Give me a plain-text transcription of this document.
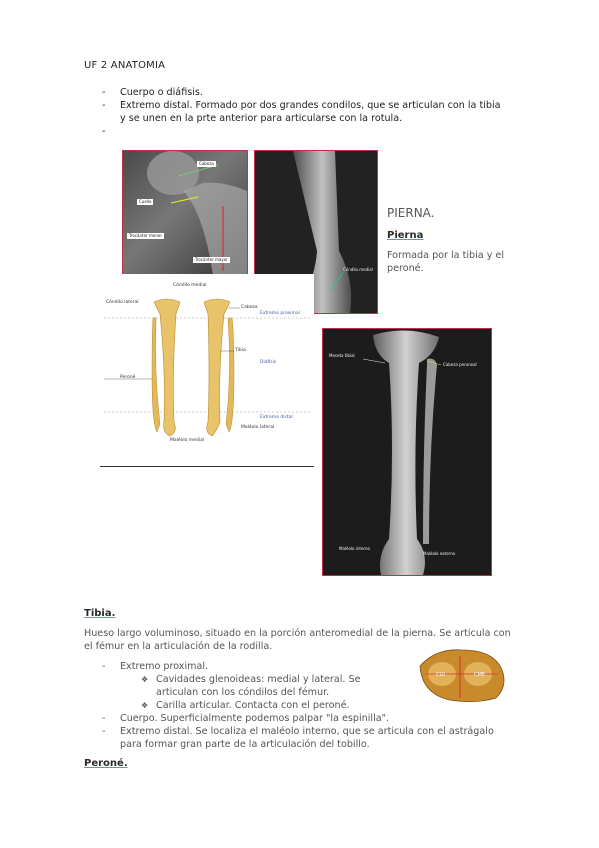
UF 2 ANATOMIA
- Cuerpo o diáfisis.
- Extremo distal. Formado por dos grandes condilos, que se articulan con la tibia y se unen en la prte anterior para articularse con la rotula.
-
Cabeza
Cuello
Trocánter menor
Trocánter mayor
Cóndilo medial
PIERNA.
Pierna
Formada por la tibia y el peroné.
Cóndilo medial
Cóndilo lateral
Cabeza
Extremo proximal
Tibia
Diáfisis
Peroné
Extremo distal
Maléolo lateral
Maléolo medial
Meseta tibial
Cabeza peroneal
Maléolo interno
Maléolo externo
Tibia.
Hueso largo voluminoso, situado en la porción anteromedial de la pierna. Se articula con el fémur en la articulación de la rodilla.
- Extremo proximal.
❖ Cavidades glenoideas: medial y lateral. Se articulan con los cóndilos del fémur.
❖ Carilla articular. Contacta con el peroné.
- Cuerpo. Superficialmente podemos palpar "la espinilla".
- Extremo distal. Se localiza el maléolo interno, que se articula con el astrágalo para formar gran parte de la articulación del tobillo.
CGI	CME
Peroné.
